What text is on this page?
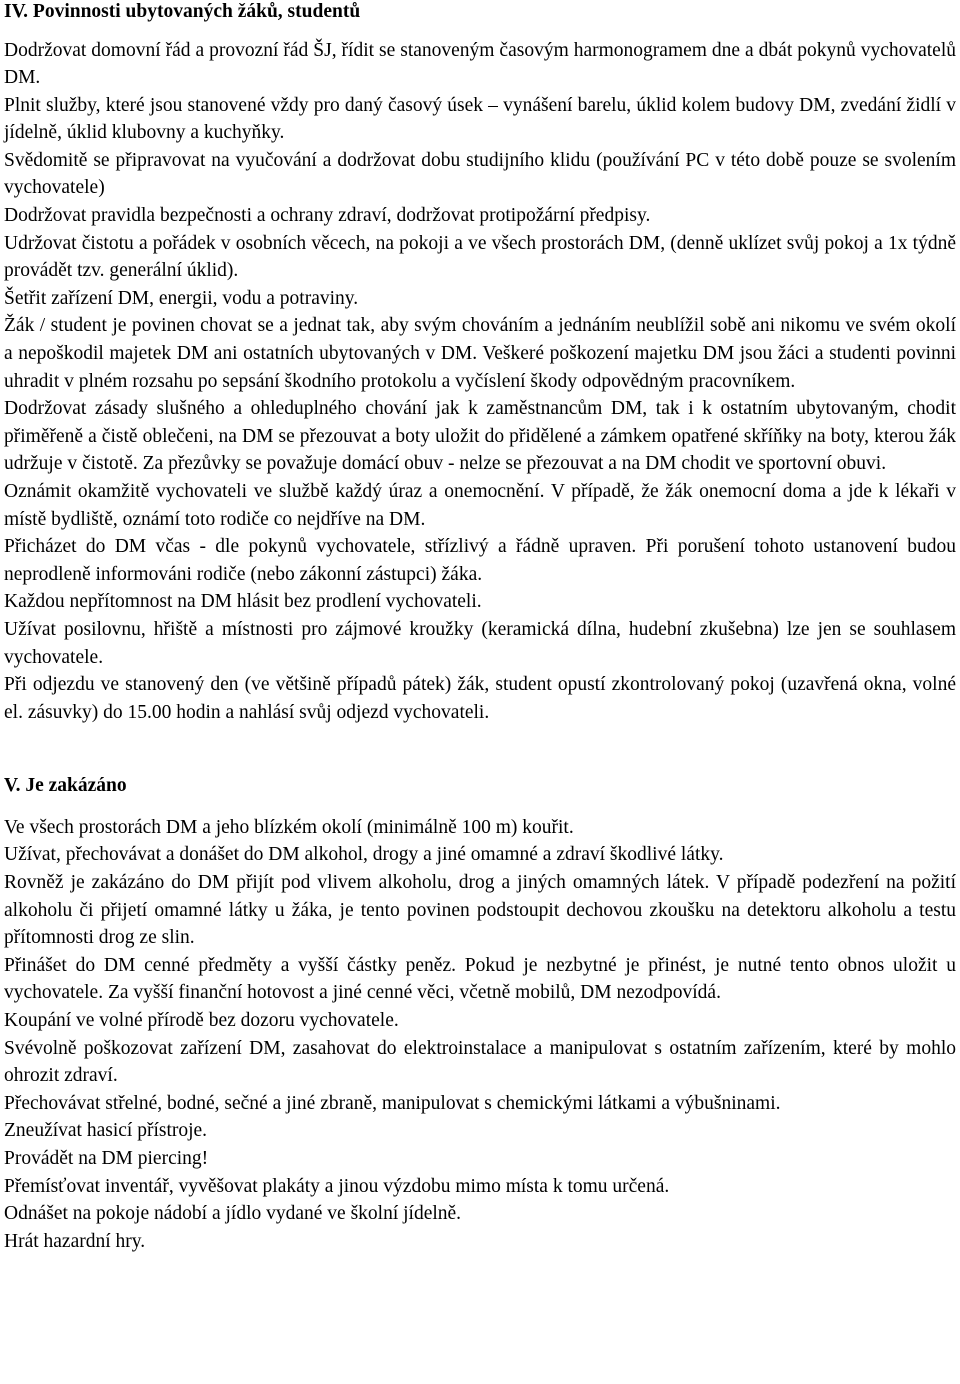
IV. Povinnosti ubytovaných žáků, studentů

Dodržovat domovní řád a provozní řád ŠJ, řídit se stanoveným časovým harmonogramem dne a dbát pokynů vychovatelů DM.

Plnit služby, které jsou stanovené vždy pro daný časový úsek – vynášení barelu, úklid kolem budovy DM, zvedání židlí v jídelně, úklid klubovny a kuchyňky.

Svědomitě se připravovat na vyučování a dodržovat dobu studijního klidu (používání PC v této době pouze se svolením vychovatele)

Dodržovat pravidla bezpečnosti a ochrany zdraví, dodržovat protipožární předpisy.

Udržovat čistotu a pořádek v osobních věcech, na pokoji a ve všech prostorách DM, (denně uklízet svůj pokoj a 1x týdně provádět tzv. generální úklid).

Šetřit zařízení DM, energii, vodu a potraviny.

Žák / student je povinen chovat se a jednat tak, aby svým chováním a jednáním neublížil sobě ani nikomu ve svém okolí a nepoškodil majetek DM ani ostatních ubytovaných v DM. Veškeré poškození majetku DM jsou žáci a studenti povinni uhradit v plném rozsahu po sepsání škodního protokolu a vyčíslení škody odpovědným pracovníkem.

Dodržovat zásady slušného a ohleduplného chování jak k zaměstnancům DM, tak i k ostatním ubytovaným, chodit přiměřeně a čistě oblečeni, na DM se přezouvat a boty uložit do přidělené a zámkem opatřené skříňky na boty, kterou žák udržuje v čistotě. Za přezůvky se považuje domácí obuv - nelze se přezouvat a na DM chodit ve sportovní obuvi.

Oznámit okamžitě vychovateli ve službě každý úraz a onemocnění. V případě, že žák onemocní doma a jde k lékaři v místě bydliště, oznámí toto rodiče co nejdříve na DM.

Přicházet do DM včas - dle pokynů vychovatele, střízlivý a řádně upraven. Při porušení tohoto ustanovení budou neprodleně informováni rodiče (nebo zákonní zástupci) žáka.

Každou nepřítomnost na DM hlásit bez prodlení vychovateli.

Užívat posilovnu, hřiště a místnosti pro zájmové kroužky (keramická dílna, hudební zkušebna) lze jen se souhlasem vychovatele.

Při odjezdu ve stanovený den (ve většině případů pátek) žák, student opustí zkontrolovaný pokoj (uzavřená okna, volné el. zásuvky) do 15.00 hodin a nahlásí svůj odjezd vychovateli.

V. Je zakázáno

Ve všech prostorách DM a jeho blízkém okolí (minimálně 100 m) kouřit.

Užívat, přechovávat a donášet do DM alkohol, drogy a jiné omamné a zdraví škodlivé látky.

Rovněž je zakázáno do DM přijít pod vlivem alkoholu, drog a jiných omamných látek. V případě podezření na požití alkoholu či přijetí omamné látky u žáka, je tento povinen podstoupit dechovou zkoušku na detektoru alkoholu a testu přítomnosti drog ze slin.

Přinášet do DM cenné předměty a vyšší částky peněz. Pokud je nezbytné je přinést, je nutné tento obnos uložit u vychovatele. Za vyšší finanční hotovost a jiné cenné věci, včetně mobilů, DM nezodpovídá.

Koupání ve volné přírodě bez dozoru vychovatele.

Svévolně poškozovat zařízení DM, zasahovat do elektroinstalace a manipulovat s ostatním zařízením, které by mohlo ohrozit zdraví.

Přechovávat střelné, bodné, sečné a jiné zbraně, manipulovat s chemickými látkami a výbušninami.

Zneužívat hasicí přístroje.

Provádět na DM piercing!

Přemísťovat inventář, vyvěšovat plakáty a jinou výzdobu mimo místa k tomu určená.

Odnášet na pokoje nádobí a jídlo vydané ve školní jídelně.

Hrát hazardní hry.
